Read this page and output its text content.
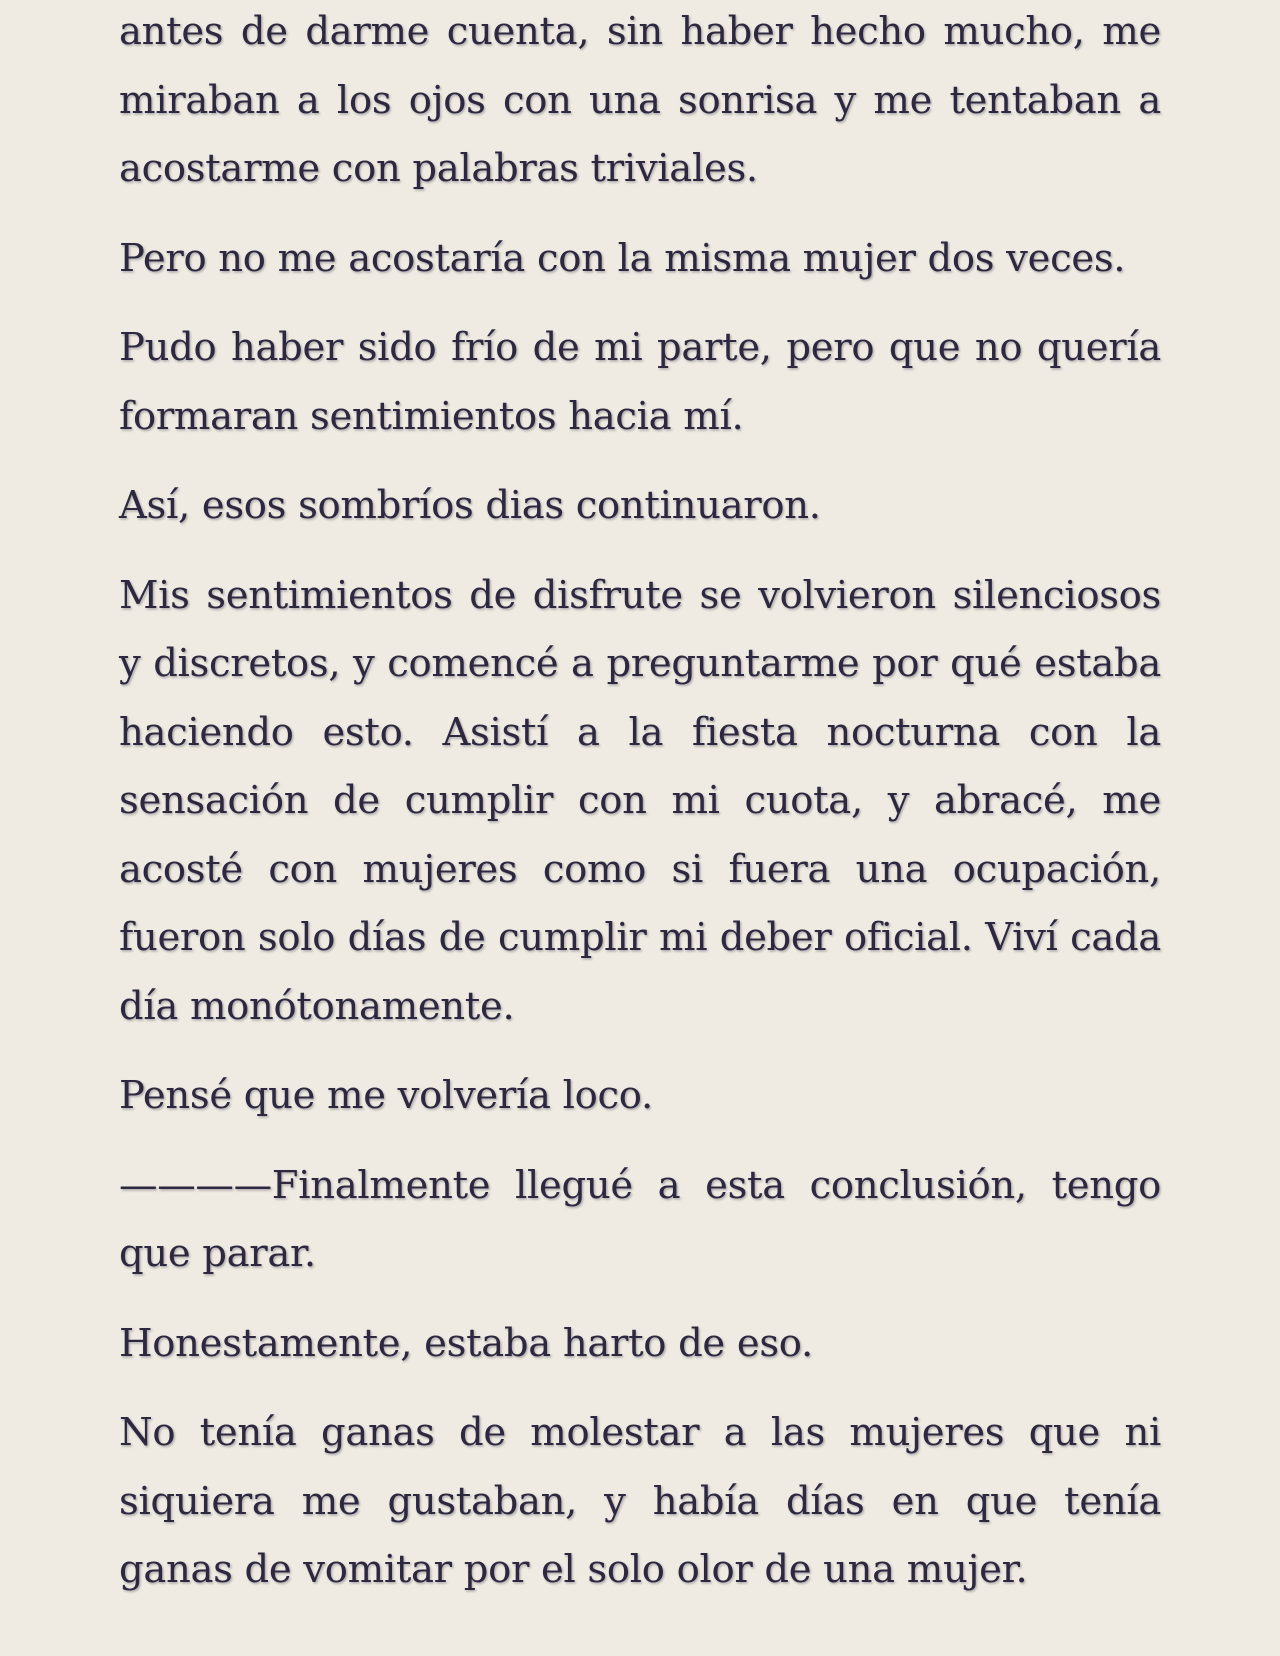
antes de darme cuenta, sin haber hecho mucho, me miraban a los ojos con una sonrisa y me tentaban a acostarme con palabras triviales.

Pero no me acostaría con la misma mujer dos veces.

Pudo haber sido frío de mi parte, pero que no quería formaran sentimientos hacia mí.

Así, esos sombríos dias continuaron.

Mis sentimientos de disfrute se volvieron silenciosos y discretos, y comencé a preguntarme por qué estaba haciendo esto. Asistí a la fiesta nocturna con la sensación de cumplir con mi cuota, y abracé, me acosté con mujeres como si fuera una ocupación, fueron solo días de cumplir mi deber oficial. Viví cada día monótonamente.

Pensé que me volvería loco.

————Finalmente llegué a esta conclusión, tengo que parar.

Honestamente, estaba harto de eso.

No tenía ganas de molestar a las mujeres que ni siquiera me gustaban, y había días en que tenía ganas de vomitar por el solo olor de una mujer.
